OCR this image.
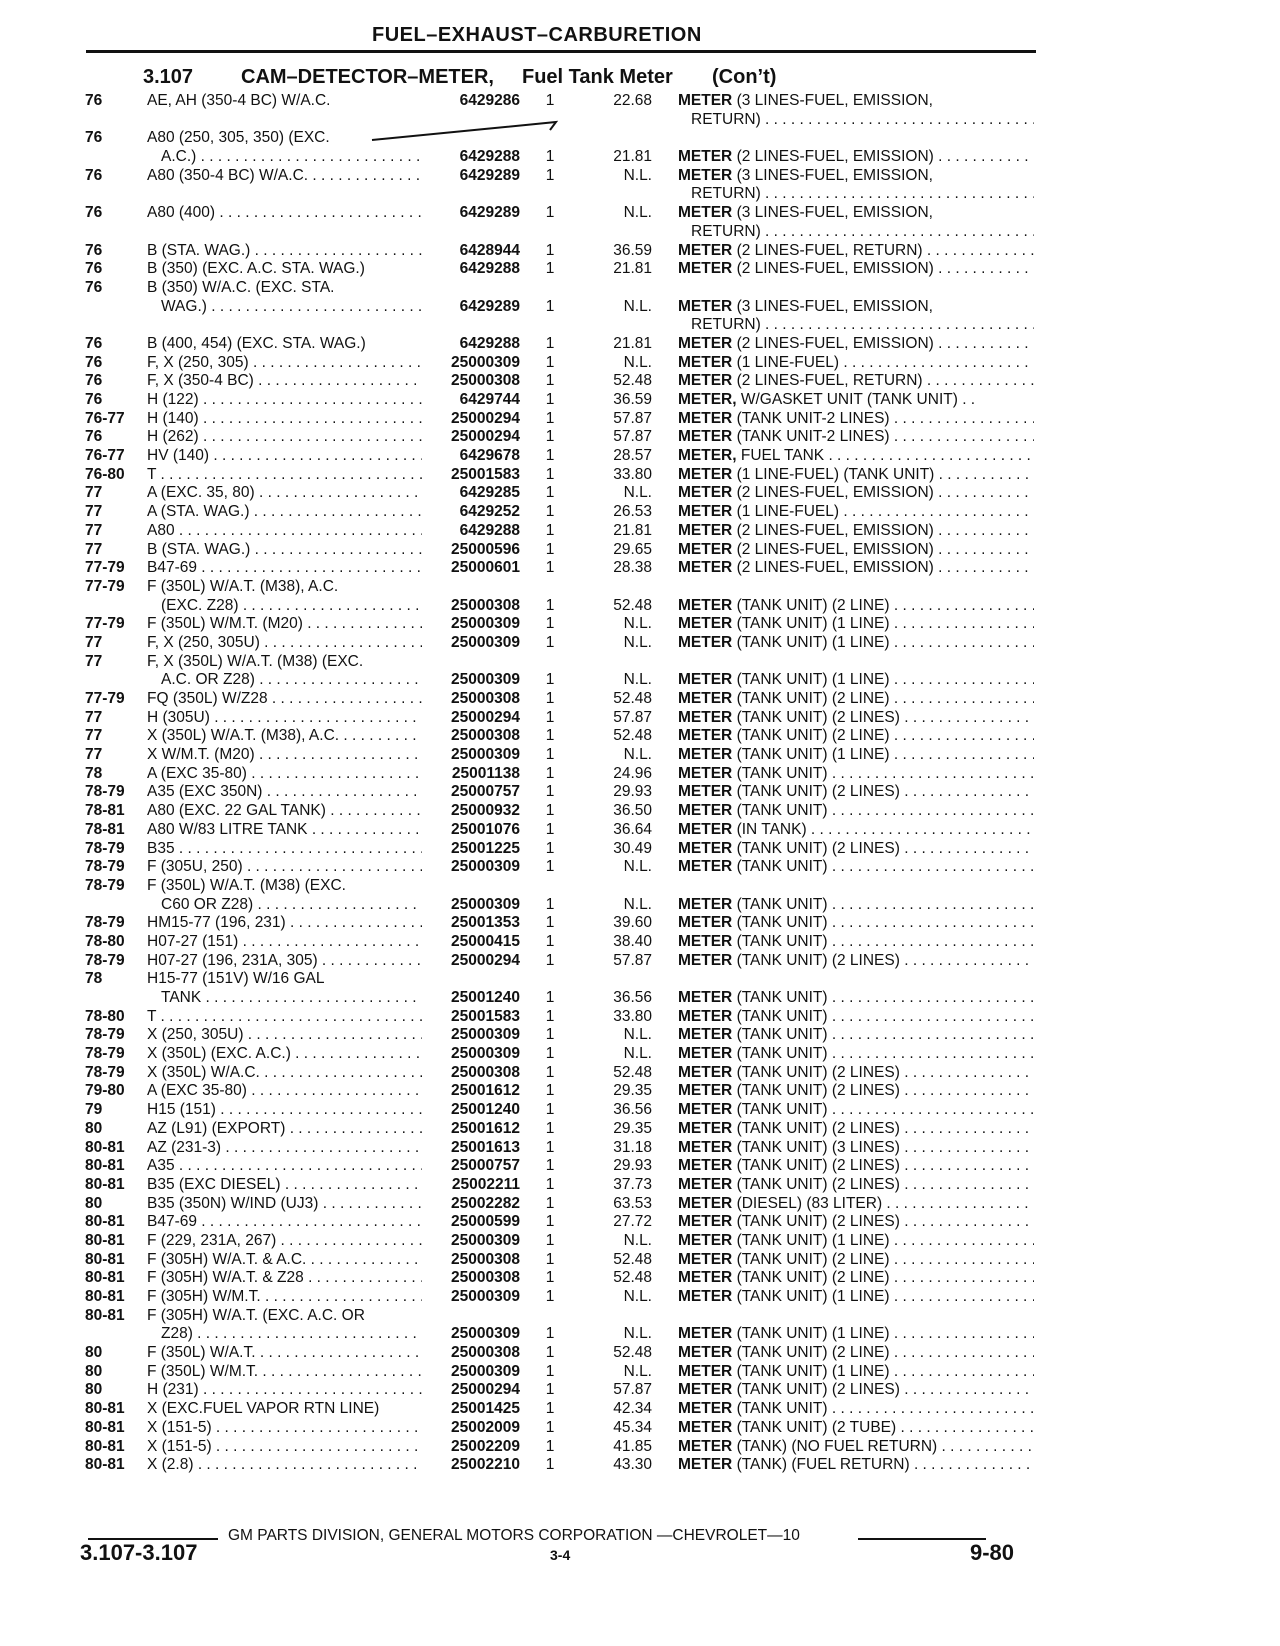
FUEL–EXHAUST–CARBURETION
3.107 CAM–DETECTOR–METER, Fuel Tank Meter (Con’t)
76	AE, AH (350-4 BC) W/A.C.	6429286	1	22.68 METER (3 LINES-FUEL, EMISSION,
RETURN) . . .
76	A80 (250, 305, 350) (EXC.
A.C.) . . .	6429288	1	21.81 METER (2 LINES-FUEL, EMISSION) . . .
76	A80 (350-4 BC) W/A.C. . . .	6429289	1	N.L. METER (3 LINES-FUEL, EMISSION,
RETURN) . . .
76	A80 (400) . . .	6429289	1	N.L. METER (3 LINES-FUEL, EMISSION,
RETURN) . . .
76	B (STA. WAG.) . . .	6428944	1	36.59 METER (2 LINES-FUEL, RETURN) . . .
76	B (350) (EXC. A.C. STA. WAG.)	6429288	1	21.81 METER (2 LINES-FUEL, EMISSION) . . .
76	B (350) W/A.C. (EXC. STA.
WAG.) . . .	6429289	1	N.L. METER (3 LINES-FUEL, EMISSION,
RETURN) . . .
76	B (400, 454) (EXC. STA. WAG.)	6429288	1	21.81 METER (2 LINES-FUEL, EMISSION) . . .
76	F, X (250, 305) . . .	25000309	1	N.L. METER (1 LINE-FUEL) . . .
76	F, X (350-4 BC) . . .	25000308	1	52.48 METER (2 LINES-FUEL, RETURN) . . .
76	H (122) . . .	6429744	1	36.59 METER, W/GASKET UNIT (TANK UNIT) . .
76-77	H (140) . . .	25000294	1	57.87 METER (TANK UNIT-2 LINES) . . .
76	H (262) . . .	25000294	1	57.87 METER (TANK UNIT-2 LINES) . . .
76-77	HV (140) . . .	6429678	1	28.57 METER, FUEL TANK . . .
76-80	T . . .	25001583	1	33.80 METER (1 LINE-FUEL) (TANK UNIT) . . .
77	A (EXC. 35, 80) . . .	6429285	1	N.L. METER (2 LINES-FUEL, EMISSION) . . .
77	A (STA. WAG.) . . .	6429252	1	26.53 METER (1 LINE-FUEL) . . .
77	A80 . . .	6429288	1	21.81 METER (2 LINES-FUEL, EMISSION) . . .
77	B (STA. WAG.) . . .	25000596	1	29.65 METER (2 LINES-FUEL, EMISSION) . . .
77-79	B47-69 . . .	25000601	1	28.38 METER (2 LINES-FUEL, EMISSION) . . .
77-79	F (350L) W/A.T. (M38), A.C.
(EXC. Z28) . . .	25000308	1	52.48 METER (TANK UNIT) (2 LINE) . . .
77-79	F (350L) W/M.T. (M20) . . .	25000309	1	N.L. METER (TANK UNIT) (1 LINE) . . .
77	F, X (250, 305U) . . .	25000309	1	N.L. METER (TANK UNIT) (1 LINE) . . .
77	F, X (350L) W/A.T. (M38) (EXC.
A.C. OR Z28) . . .	25000309	1	N.L. METER (TANK UNIT) (1 LINE) . . .
77-79	FQ (350L) W/Z28 . . .	25000308	1	52.48 METER (TANK UNIT) (2 LINE) . . .
77	H (305U) . . .	25000294	1	57.87 METER (TANK UNIT) (2 LINES) . . .
77	X (350L) W/A.T. (M38), A.C. . . .	25000308	1	52.48 METER (TANK UNIT) (2 LINE) . . .
77	X W/M.T. (M20) . . .	25000309	1	N.L. METER (TANK UNIT) (1 LINE) . . .
78	A (EXC 35-80) . . .	25001138	1	24.96 METER (TANK UNIT) . . .
78-79	A35 (EXC 350N) . . .	25000757	1	29.93 METER (TANK UNIT) (2 LINES) . . .
78-81	A80 (EXC. 22 GAL TANK) . . .	25000932	1	36.50 METER (TANK UNIT) . . .
78-81	A80 W/83 LITRE TANK . . .	25001076	1	36.64 METER (IN TANK) . . .
78-79	B35 . . .	25001225	1	30.49 METER (TANK UNIT) (2 LINES) . . .
78-79	F (305U, 250) . . .	25000309	1	N.L. METER (TANK UNIT) . . .
78-79	F (350L) W/A.T. (M38) (EXC.
C60 OR Z28) . . .	25000309	1	N.L. METER (TANK UNIT) . . .
78-79	HM15-77 (196, 231) . . .	25001353	1	39.60 METER (TANK UNIT) . . .
78-80	H07-27 (151) . . .	25000415	1	38.40 METER (TANK UNIT) . . .
78-79	H07-27 (196, 231A, 305) . . .	25000294	1	57.87 METER (TANK UNIT) (2 LINES) . . .
78	H15-77 (151V) W/16 GAL
TANK . . .	25001240	1	36.56 METER (TANK UNIT) . . .
78-80	T . . .	25001583	1	33.80 METER (TANK UNIT) . . .
78-79	X (250, 305U) . . .	25000309	1	N.L. METER (TANK UNIT) . . .
78-79	X (350L) (EXC. A.C.) . . .	25000309	1	N.L. METER (TANK UNIT) . . .
78-79	X (350L) W/A.C. . . .	25000308	1	52.48 METER (TANK UNIT) (2 LINES) . . .
79-80	A (EXC 35-80) . . .	25001612	1	29.35 METER (TANK UNIT) (2 LINES) . . .
79	H15 (151) . . .	25001240	1	36.56 METER (TANK UNIT) . . .
80	AZ (L91) (EXPORT) . . .	25001612	1	29.35 METER (TANK UNIT) (2 LINES) . . .
80-81	AZ (231-3) . . .	25001613	1	31.18 METER (TANK UNIT) (3 LINES) . . .
80-81	A35 . . .	25000757	1	29.93 METER (TANK UNIT) (2 LINES) . . .
80-81	B35 (EXC DIESEL) . . .	25002211	1	37.73 METER (TANK UNIT) (2 LINES) . . .
80	B35 (350N) W/IND (UJ3) . . .	25002282	1	63.53 METER (DIESEL) (83 LITER) . . .
80-81	B47-69 . . .	25000599	1	27.72 METER (TANK UNIT) (2 LINES) . . .
80-81	F (229, 231A, 267) . . .	25000309	1	N.L. METER (TANK UNIT) (1 LINE) . . .
80-81	F (305H) W/A.T. & A.C. . . .	25000308	1	52.48 METER (TANK UNIT) (2 LINE) . . .
80-81	F (305H) W/A.T. & Z28 . . .	25000308	1	52.48 METER (TANK UNIT) (2 LINE) . . .
80-81	F (305H) W/M.T. . . .	25000309	1	N.L. METER (TANK UNIT) (1 LINE) . . .
80-81	F (305H) W/A.T. (EXC. A.C. OR
Z28) . . .	25000309	1	N.L. METER (TANK UNIT) (1 LINE) . . .
80	F (350L) W/A.T. . . .	25000308	1	52.48 METER (TANK UNIT) (2 LINE) . . .
80	F (350L) W/M.T. . . .	25000309	1	N.L. METER (TANK UNIT) (1 LINE) . . .
80	H (231) . . .	25000294	1	57.87 METER (TANK UNIT) (2 LINES) . . .
80-81	X (EXC.FUEL VAPOR RTN LINE)	25001425	1	42.34 METER (TANK UNIT) . . .
80-81	X (151-5) . . .	25002009	1	45.34 METER (TANK UNIT) (2 TUBE) . . .
80-81	X (151-5) . . .	25002209	1	41.85 METER (TANK) (NO FUEL RETURN) . . .
80-81	X (2.8) . . .	25002210	1	43.30 METER (TANK) (FUEL RETURN) . . .
GM PARTS DIVISION, GENERAL MOTORS CORPORATION —CHEVROLET—10
3.107-3.107	3-4	9-80
